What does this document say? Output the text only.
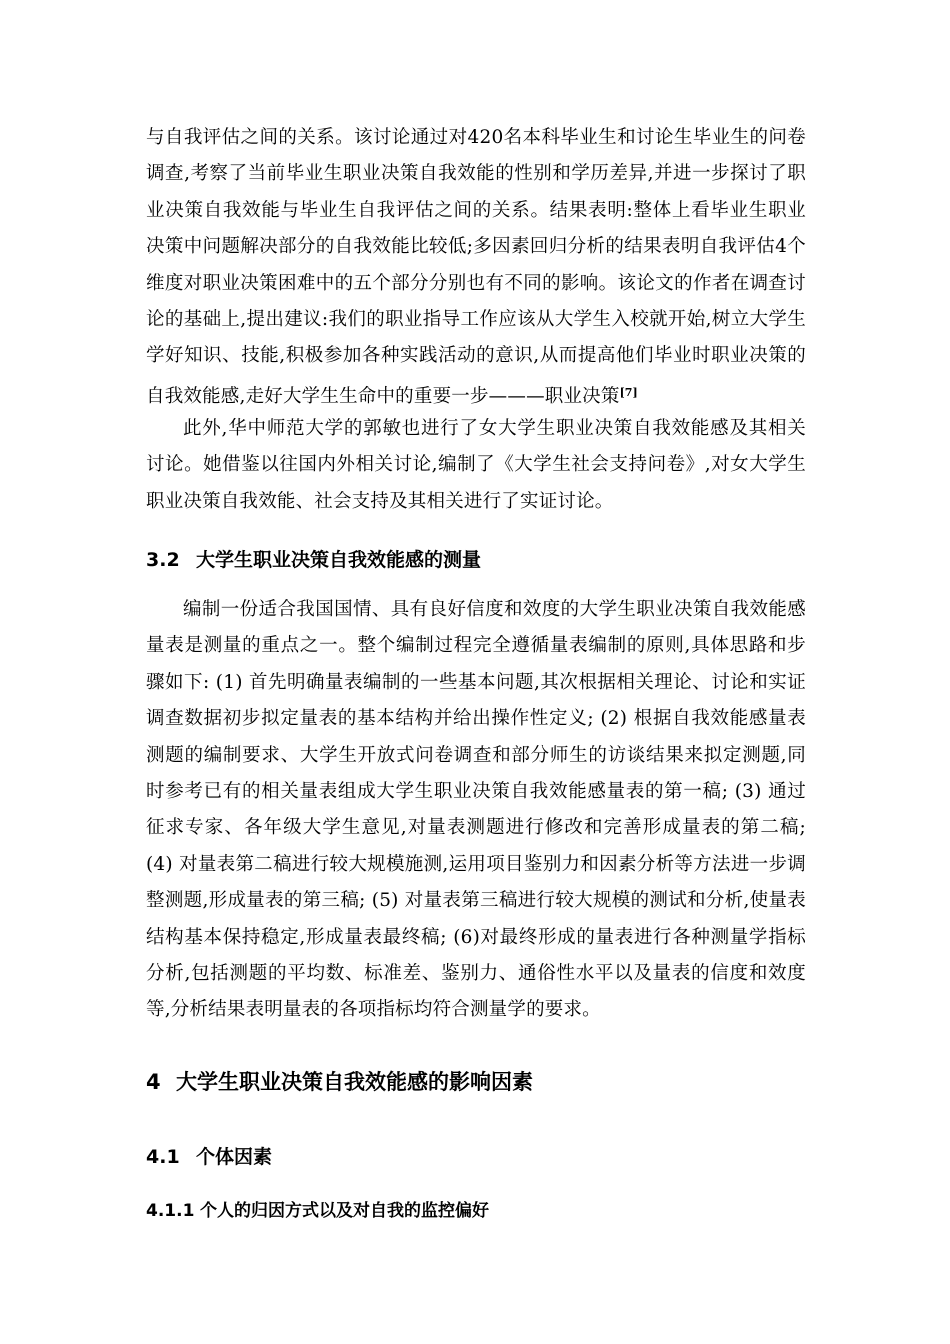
与自我评估之间的关系。该讨论通过对420名本科毕业生和讨论生毕业生的问卷调查,考察了当前毕业生职业决策自我效能的性别和学历差异,并进一步探讨了职业决策自我效能与毕业生自我评估之间的关系。结果表明:整体上看毕业生职业决策中问题解决部分的自我效能比较低;多因素回归分析的结果表明自我评估4个维度对职业决策困难中的五个部分分别也有不同的影响。该论文的作者在调查讨论的基础上,提出建议:我们的职业指导工作应该从大学生入校就开始,树立大学生学好知识、技能,积极参加各种实践活动的意识,从而提高他们毕业时职业决策的自我效能感,走好大学生生命中的重要一步———职业决策[7]

此外,华中师范大学的郭敏也进行了女大学生职业决策自我效能感及其相关讨论。她借鉴以往国内外相关讨论,编制了《大学生社会支持问卷》,对女大学生职业决策自我效能、社会支持及其相关进行了实证讨论。

3.2 大学生职业决策自我效能感的测量

编制一份适合我国国情、具有良好信度和效度的大学生职业决策自我效能感量表是测量的重点之一。整个编制过程完全遵循量表编制的原则,具体思路和步骤如下: (1) 首先明确量表编制的一些基本问题,其次根据相关理论、讨论和实证调查数据初步拟定量表的基本结构并给出操作性定义; (2) 根据自我效能感量表测题的编制要求、大学生开放式问卷调查和部分师生的访谈结果来拟定测题,同时参考已有的相关量表组成大学生职业决策自我效能感量表的第一稿; (3) 通过征求专家、各年级大学生意见,对量表测题进行修改和完善形成量表的第二稿; (4) 对量表第二稿进行较大规模施测,运用项目鉴别力和因素分析等方法进一步调整测题,形成量表的第三稿; (5) 对量表第三稿进行较大规模的测试和分析,使量表结构基本保持稳定,形成量表最终稿; (6)对最终形成的量表进行各种测量学指标分析,包括测题的平均数、标准差、鉴别力、通俗性水平以及量表的信度和效度等,分析结果表明量表的各项指标均符合测量学的要求。

4 大学生职业决策自我效能感的影响因素
4.1 个体因素
4.1.1 个人的归因方式以及对自我的监控偏好
